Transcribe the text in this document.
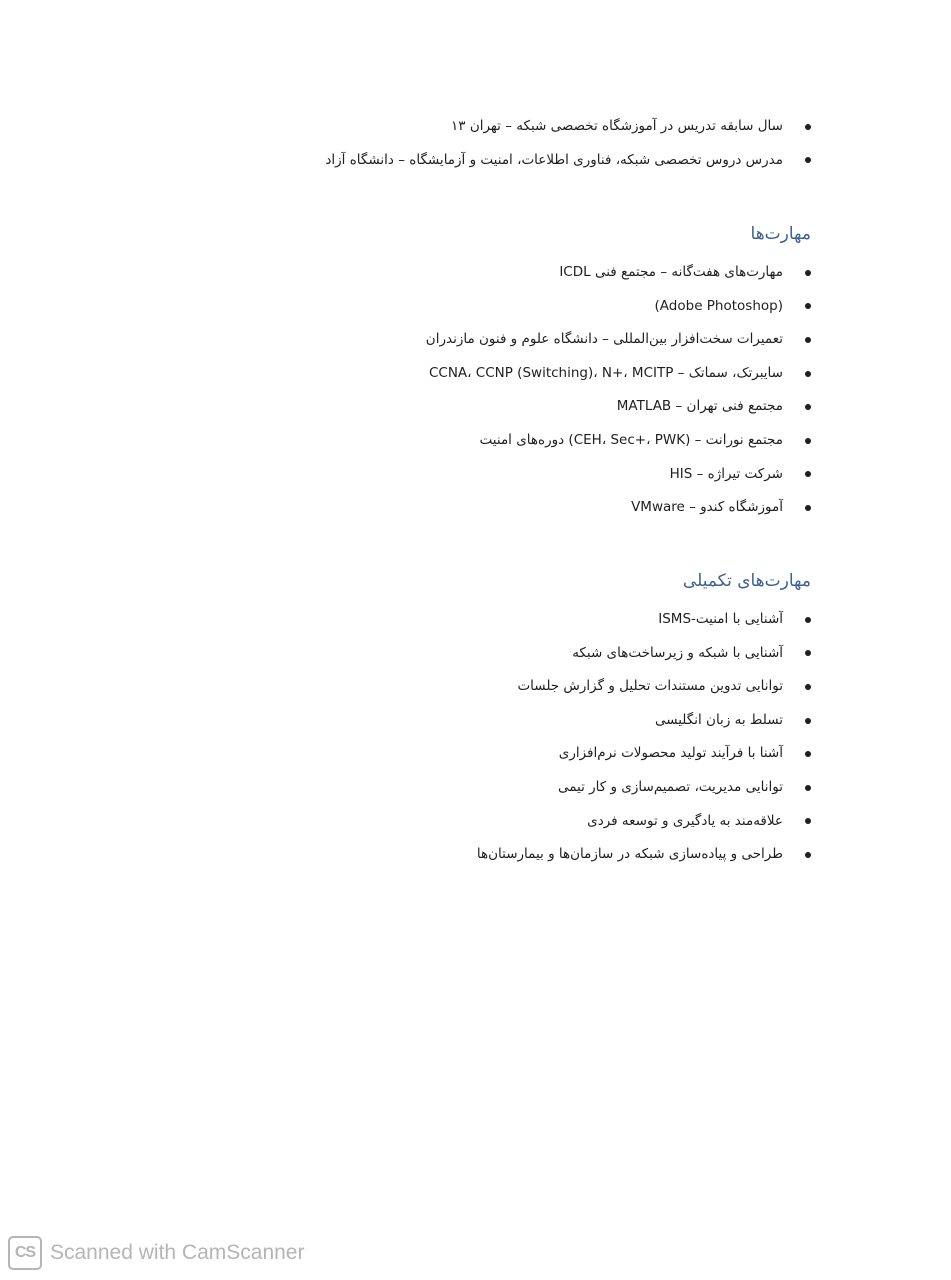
سال سابقه تدریس در آموزشگاه تخصصی شبکه – تهران ۱۳
مدرس دروس تخصصی شبکه، فناوری اطلاعات، امنیت و آزمایشگاه – دانشگاه آزاد
مهارت‌ها
مهارت‌های هفت‌گانه – مجتمع فنی ICDL
(Adobe Photoshop)
تعمیرات سخت‌افزار بین‌المللی – دانشگاه علوم و فنون مازندران
سایبرتک، سماتک – CCNA، CCNP (Switching)، N+، MCITP
مجتمع فنی تهران – MATLAB
مجتمع نورانت – (CEH، Sec+، PWK) دوره‌های امنیت
شرکت تیراژه – HIS
آموزشگاه کندو – VMware
مهارت‌های تکمیلی
آشنایی با امنیت-ISMS
آشنایی با شبکه و زیرساخت‌های شبکه
توانایی تدوین مستندات تحلیل و گزارش جلسات
تسلط به زبان انگلیسی
آشنا با فرآیند تولید محصولات نرم‌افزاری
توانایی مدیریت، تصمیم‌سازی و کار تیمی
علاقه‌مند به یادگیری و توسعه فردی
طراحی و پیاده‌سازی شبکه در سازمان‌ها و بیمارستان‌ها
CS Scanned with CamScanner
